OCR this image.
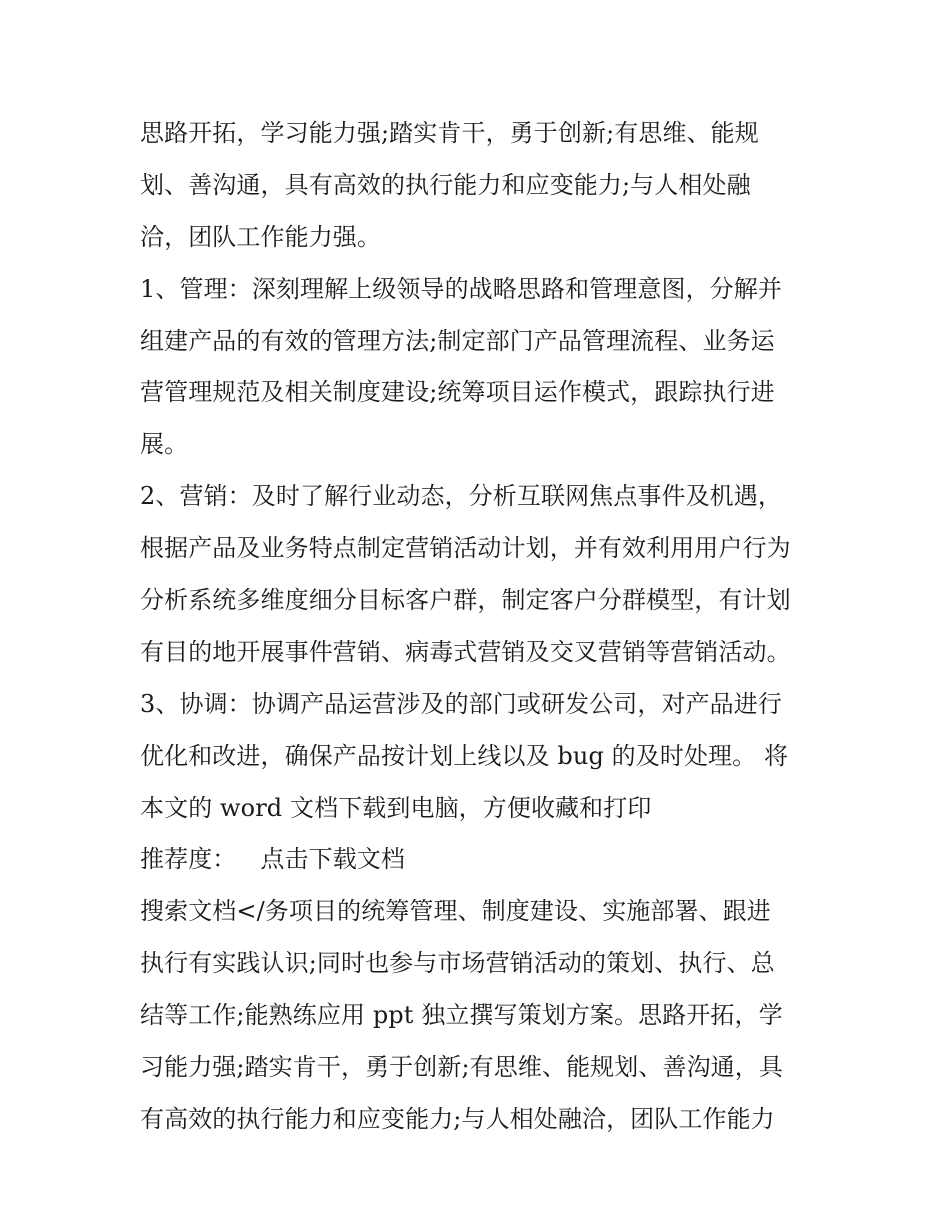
思路开拓，学习能力强;踏实肯干，勇于创新;有思维、能规
划、善沟通，具有高效的执行能力和应变能力;与人相处融
洽，团队工作能力强。
1、管理：深刻理解上级领导的战略思路和管理意图，分解并
组建产品的有效的管理方法;制定部门产品管理流程、业务运
营管理规范及相关制度建设;统筹项目运作模式，跟踪执行进
展。
2、营销：及时了解行业动态，分析互联网焦点事件及机遇，
根据产品及业务特点制定营销活动计划，并有效利用用户行为
分析系统多维度细分目标客户群，制定客户分群模型，有计划
有目的地开展事件营销、病毒式营销及交叉营销等营销活动。
3、协调：协调产品运营涉及的部门或研发公司，对产品进行
优化和改进，确保产品按计划上线以及 bug 的及时处理。 将
本文的 word 文档下载到电脑，方便收藏和打印
推荐度： 点击下载文档
搜索文档</务项目的统筹管理、制度建设、实施部署、跟进
执行有实践认识;同时也参与市场营销活动的策划、执行、总
结等工作;能熟练应用 ppt 独立撰写策划方案。思路开拓，学
习能力强;踏实肯干，勇于创新;有思维、能规划、善沟通，具
有高效的执行能力和应变能力;与人相处融洽，团队工作能力
